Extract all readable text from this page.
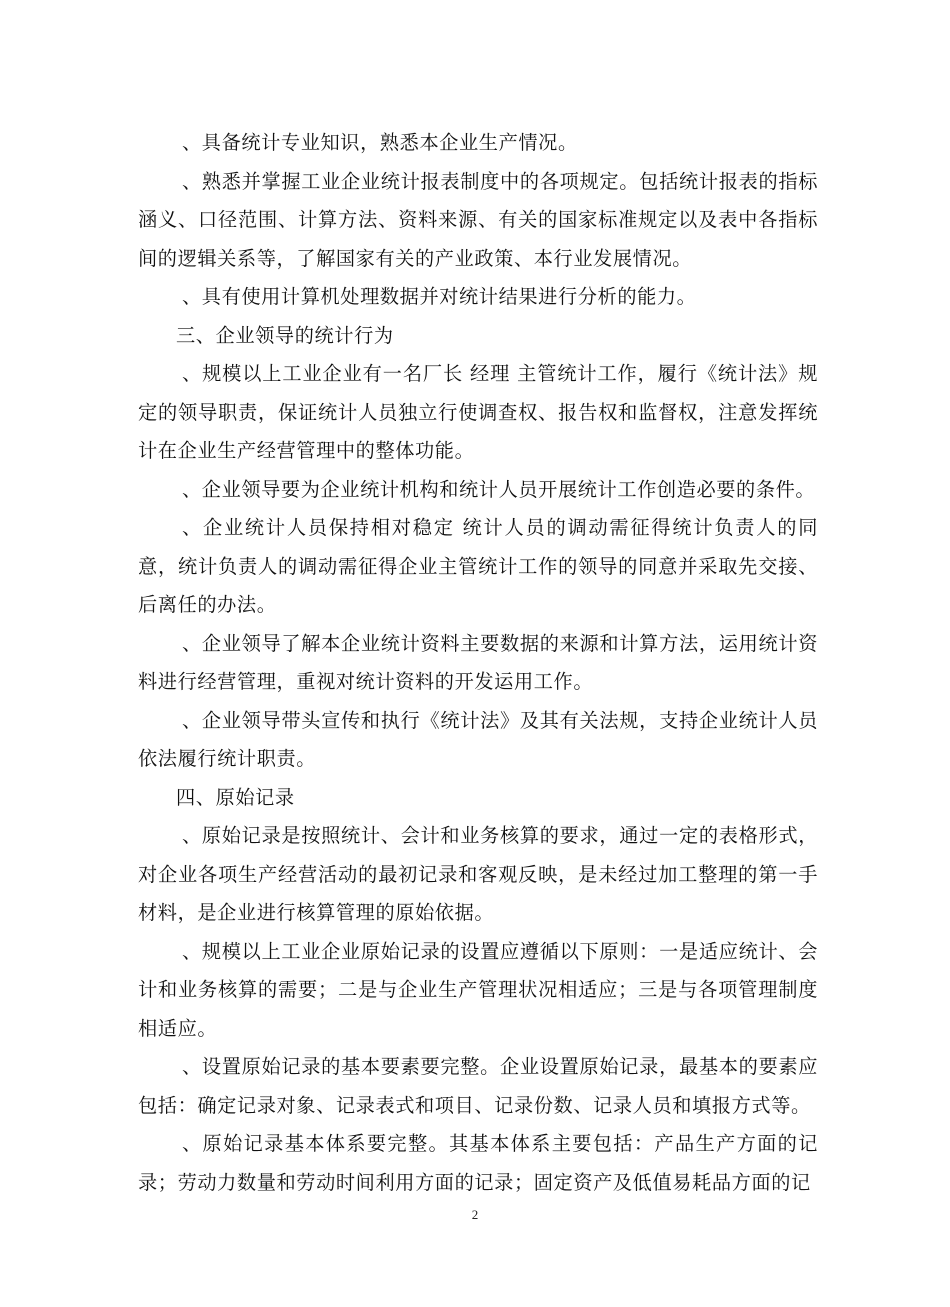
、具备统计专业知识，熟悉本企业生产情况。

、熟悉并掌握工业企业统计报表制度中的各项规定。包括统计报表的指标涵义、口径范围、计算方法、资料来源、有关的国家标准规定以及表中各指标间的逻辑关系等，了解国家有关的产业政策、本行业发展情况。

、具有使用计算机处理数据并对统计结果进行分析的能力。

三、企业领导的统计行为

、规模以上工业企业有一名厂长 经理 主管统计工作，履行《统计法》规定的领导职责，保证统计人员独立行使调查权、报告权和监督权，注意发挥统计在企业生产经营管理中的整体功能。

、企业领导要为企业统计机构和统计人员开展统计工作创造必要的条件。

、企业统计人员保持相对稳定 统计人员的调动需征得统计负责人的同意，统计负责人的调动需征得企业主管统计工作的领导的同意并采取先交接、后离任的办法。

、企业领导了解本企业统计资料主要数据的来源和计算方法，运用统计资料进行经营管理，重视对统计资料的开发运用工作。

、企业领导带头宣传和执行《统计法》及其有关法规，支持企业统计人员依法履行统计职责。

四、原始记录

、原始记录是按照统计、会计和业务核算的要求，通过一定的表格形式，对企业各项生产经营活动的最初记录和客观反映，是未经过加工整理的第一手材料，是企业进行核算管理的原始依据。

、规模以上工业企业原始记录的设置应遵循以下原则：一是适应统计、会计和业务核算的需要；二是与企业生产管理状况相适应；三是与各项管理制度相适应。

、设置原始记录的基本要素要完整。企业设置原始记录，最基本的要素应包括：确定记录对象、记录表式和项目、记录份数、记录人员和填报方式等。

、原始记录基本体系要完整。其基本体系主要包括：产品生产方面的记录；劳动力数量和劳动时间利用方面的记录；固定资产及低值易耗品方面的记

2
